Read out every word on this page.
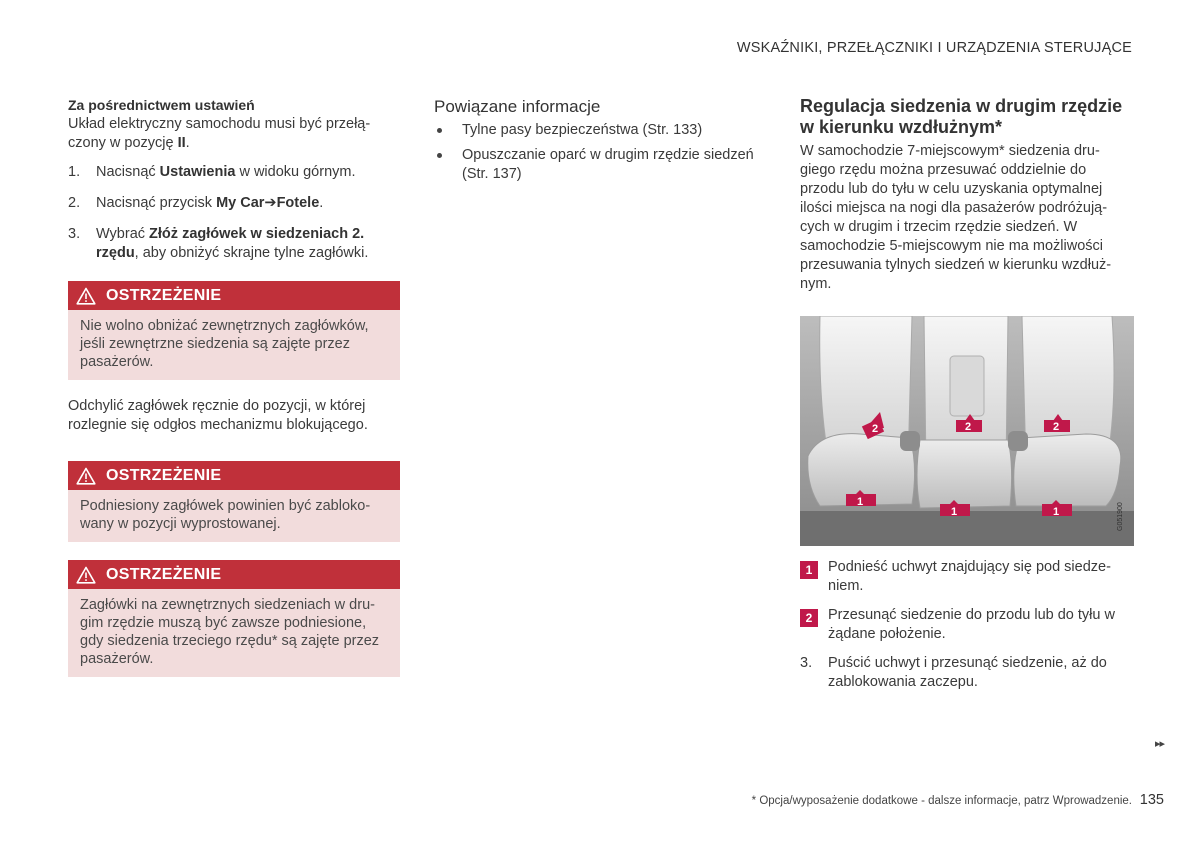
WSKAŹNIKI, PRZEŁĄCZNIKI I URZĄDZENIA STERUJĄCE

Za pośrednictwem ustawień

Układ elektryczny samochodu musi być przełą-czony w pozycję II.

1.	Nacisnąć Ustawienia w widoku górnym.
2.	Nacisnąć przycisk My Car➔Fotele.
3.	Wybrać Złóż zagłówek w siedzeniach 2. rzędu, aby obniżyć skrajne tylne zagłówki.
OSTRZEŻENIE
Nie wolno obniżać zewnętrznych zagłówków, jeśli zewnętrzne siedzenia są zajęte przez pasażerów.

Odchylić zagłówek ręcznie do pozycji, w której rozlegnie się odgłos mechanizmu blokującego.

OSTRZEŻENIE
Podniesiony zagłówek powinien być zabloko-wany w pozycji wyprostowanej.
OSTRZEŻENIE
Zagłówki na zewnętrznych siedzeniach w dru-gim rzędzie muszą być zawsze podniesione, gdy siedzenia trzeciego rzędu* są zajęte przez pasażerów.

Powiązane informacje

Tylne pasy bezpieczeństwa (Str. 133)
Opuszczanie oparć w drugim rzędzie siedzeń (Str. 137)

Regulacja siedzenia w drugim rzędzie w kierunku wzdłużnym*

W samochodzie 7-miejscowym* siedzenia dru-giego rzędu można przesuwać oddzielnie do przodu lub do tyłu w celu uzyskania optymalnej ilości miejsca na nogi dla pasażerów podróżują-cych w drugim i trzecim rzędzie siedzeń. W samochodzie 5-miejscowym nie ma możliwości przesuwania tylnych siedzeń w kierunku wzdłuż-nym.

2	2	2
1
1	1	G051900
1	Podnieść uchwyt znajdujący się pod siedze-niem.
2	Przesunąć siedzenie do przodu lub do tyłu w żądane położenie.
3.	Puścić uchwyt i przesunąć siedzenie, aż do zablokowania zaczepu.
▸▸
* Opcja/wyposażenie dodatkowe - dalsze informacje, patrz Wprowadzenie. 135
